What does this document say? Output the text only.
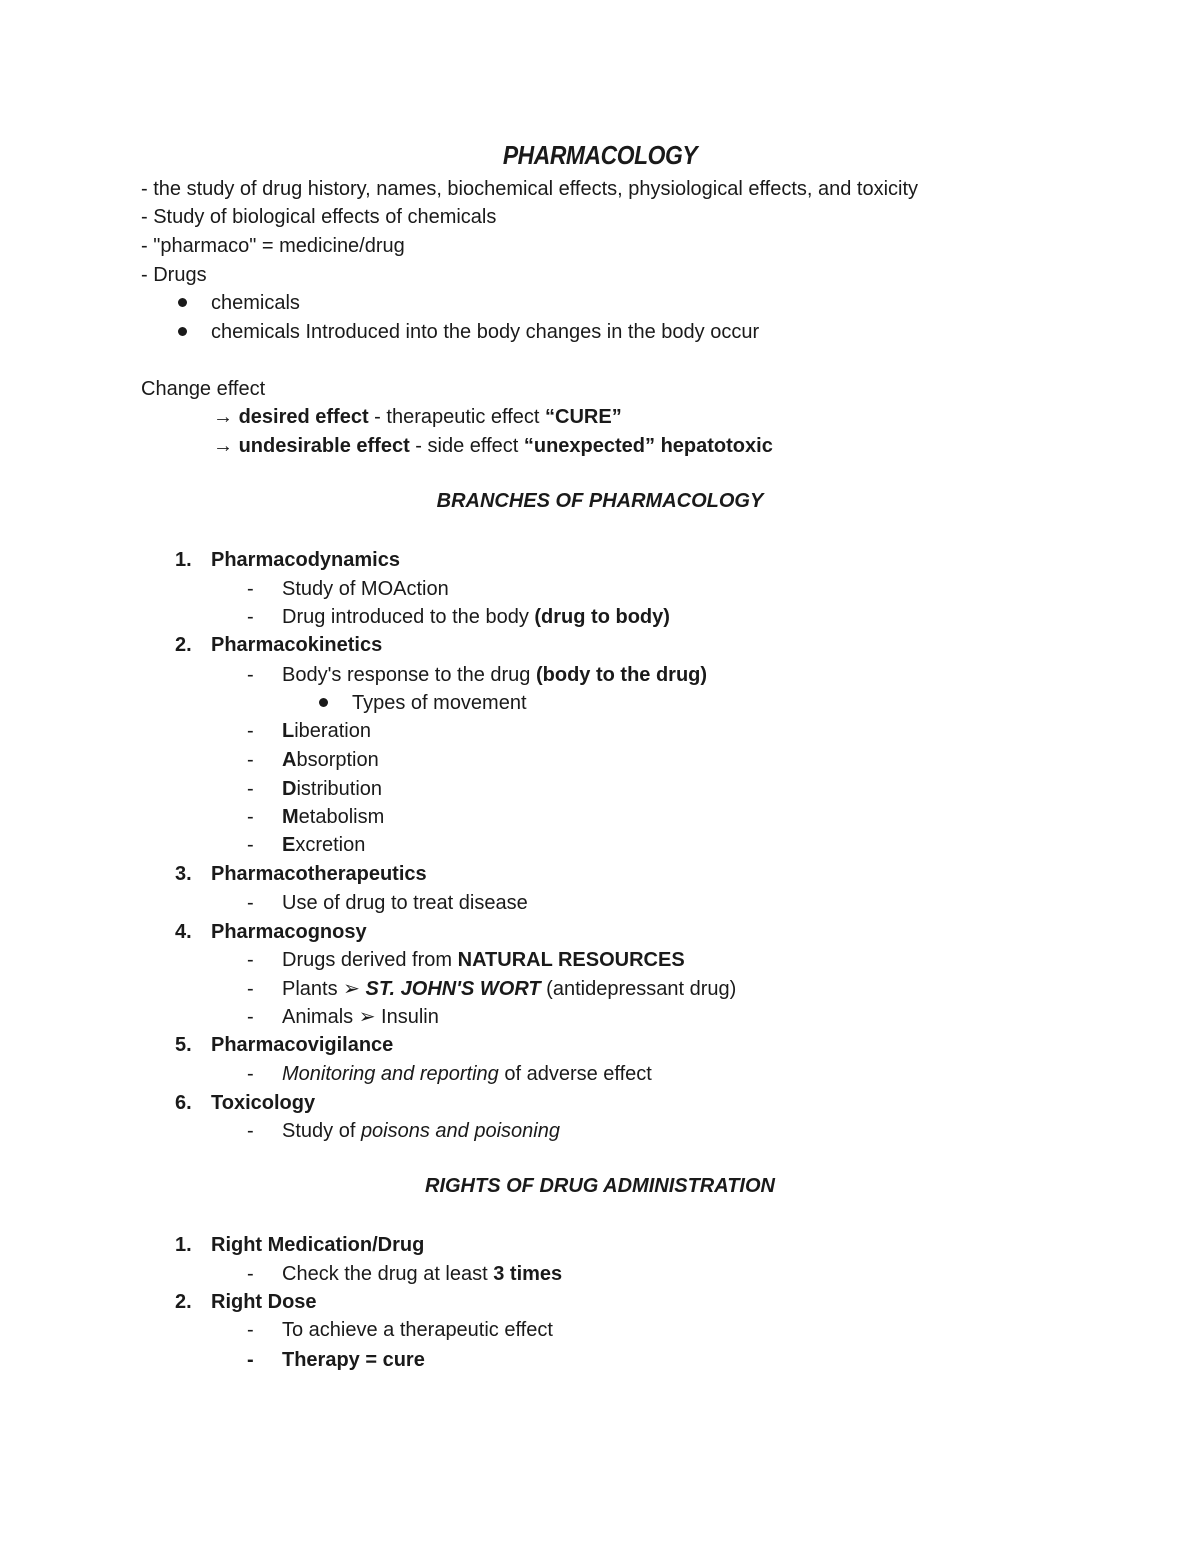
PHARMACOLOGY
- the study of drug history, names, biochemical effects, physiological effects, and toxicity
- Study of biological effects of chemicals
- "pharmaco" = medicine/drug
- Drugs
chemicals
chemicals Introduced into the body changes in the body occur
Change effect
→ desired effect - therapeutic effect “CURE”
→ undesirable effect - side effect “unexpected” hepatotoxic
BRANCHES OF PHARMACOLOGY
1. Pharmacodynamics
- Study of MOAction
- Drug introduced to the body (drug to body)
2. Pharmacokinetics
- Body's response to the drug (body to the drug)
Types of movement
- Liberation
- Absorption
- Distribution
- Metabolism
- Excretion
3. Pharmacotherapeutics
- Use of drug to treat disease
4. Pharmacognosy
- Drugs derived from NATURAL RESOURCES
- Plants ➢ ST. JOHN'S WORT (antidepressant drug)
- Animals ➢ Insulin
5. Pharmacovigilance
- Monitoring and reporting of adverse effect
6. Toxicology
- Study of poisons and poisoning
RIGHTS OF DRUG ADMINISTRATION
1. Right Medication/Drug
- Check the drug at least 3 times
2. Right Dose
- To achieve a therapeutic effect
- Therapy = cure
